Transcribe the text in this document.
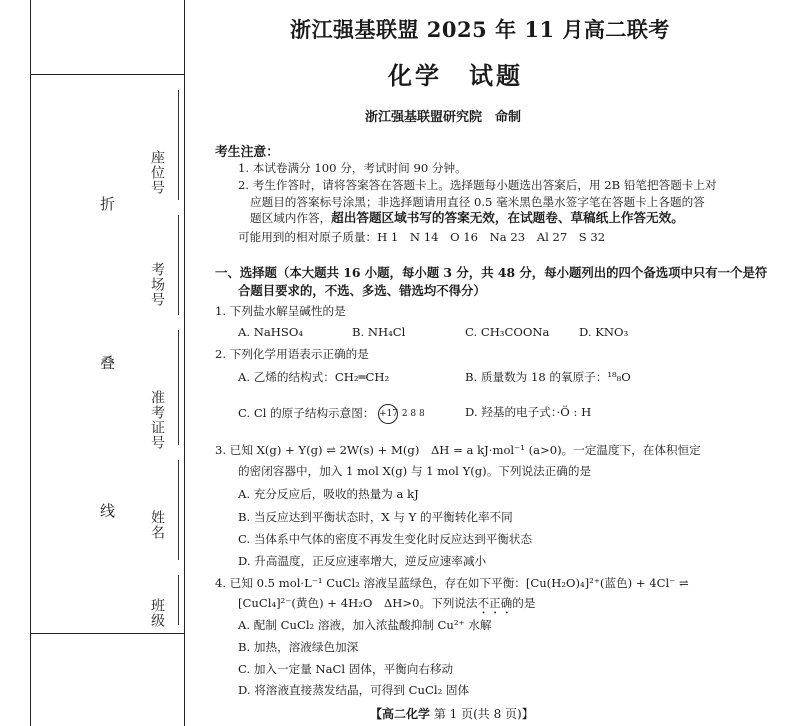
折
叠
线
座位号
考场号
准考证号
姓名
班级
浙江强基联盟 2025 年 11 月高二联考
化学　试题
浙江强基联盟研究院　命制
考生注意：
1. 本试卷满分 100 分，考试时间 90 分钟。
2. 考生作答时，请将答案答在答题卡上。选择题每小题选出答案后，用 2B 铅笔把答题卡上对
应题目的答案标号涂黑；非选择题请用直径 0.5 毫米黑色墨水签字笔在答题卡上各题的答
题区域内作答，超出答题区域书写的答案无效，在试题卷、草稿纸上作答无效。
可能用到的相对原子质量：H 1　N 14　O 16　Na 23　Al 27　S 32
一、选择题（本大题共 16 小题，每小题 3 分，共 48 分，每小题列出的四个备选项中只有一个是符
合题目要求的，不选、多选、错选均不得分）
1. 下列盐水解呈碱性的是
A. NaHSO₄	B. NH₄Cl	C. CH₃COONa	D. KNO₃
2. 下列化学用语表示正确的是
A. 乙烯的结构式：CH₂═CH₂	B. 质量数为 18 的氧原子：¹⁸₈O
C. Cl 的原子结构示意图： +17 2 8 8	D. 羟基的电子式：·Ö : H
3. 已知 X(g) + Y(g) ⇌ 2W(s) + M(g)　ΔH = a kJ·mol⁻¹ (a>0)。一定温度下，在体积恒定
的密闭容器中，加入 1 mol X(g) 与 1 mol Y(g)。下列说法正确的是
A. 充分反应后，吸收的热量为 a kJ
B. 当反应达到平衡状态时，X 与 Y 的平衡转化率不同
C. 当体系中气体的密度不再发生变化时反应达到平衡状态
D. 升高温度，正反应速率增大，逆反应速率减小
4. 已知 0.5 mol·L⁻¹ CuCl₂ 溶液呈蓝绿色，存在如下平衡：[Cu(H₂O)₄]²⁺(蓝色) + 4Cl⁻ ⇌
[CuCl₄]²⁻(黄色) + 4H₂O　ΔH>0。下列说法不正确的是
A. 配制 CuCl₂ 溶液，加入浓盐酸抑制 Cu²⁺ 水解
B. 加热，溶液绿色加深
C. 加入一定量 NaCl 固体，平衡向右移动
D. 将溶液直接蒸发结晶，可得到 CuCl₂ 固体
【高二化学 第 1 页(共 8 页)】
